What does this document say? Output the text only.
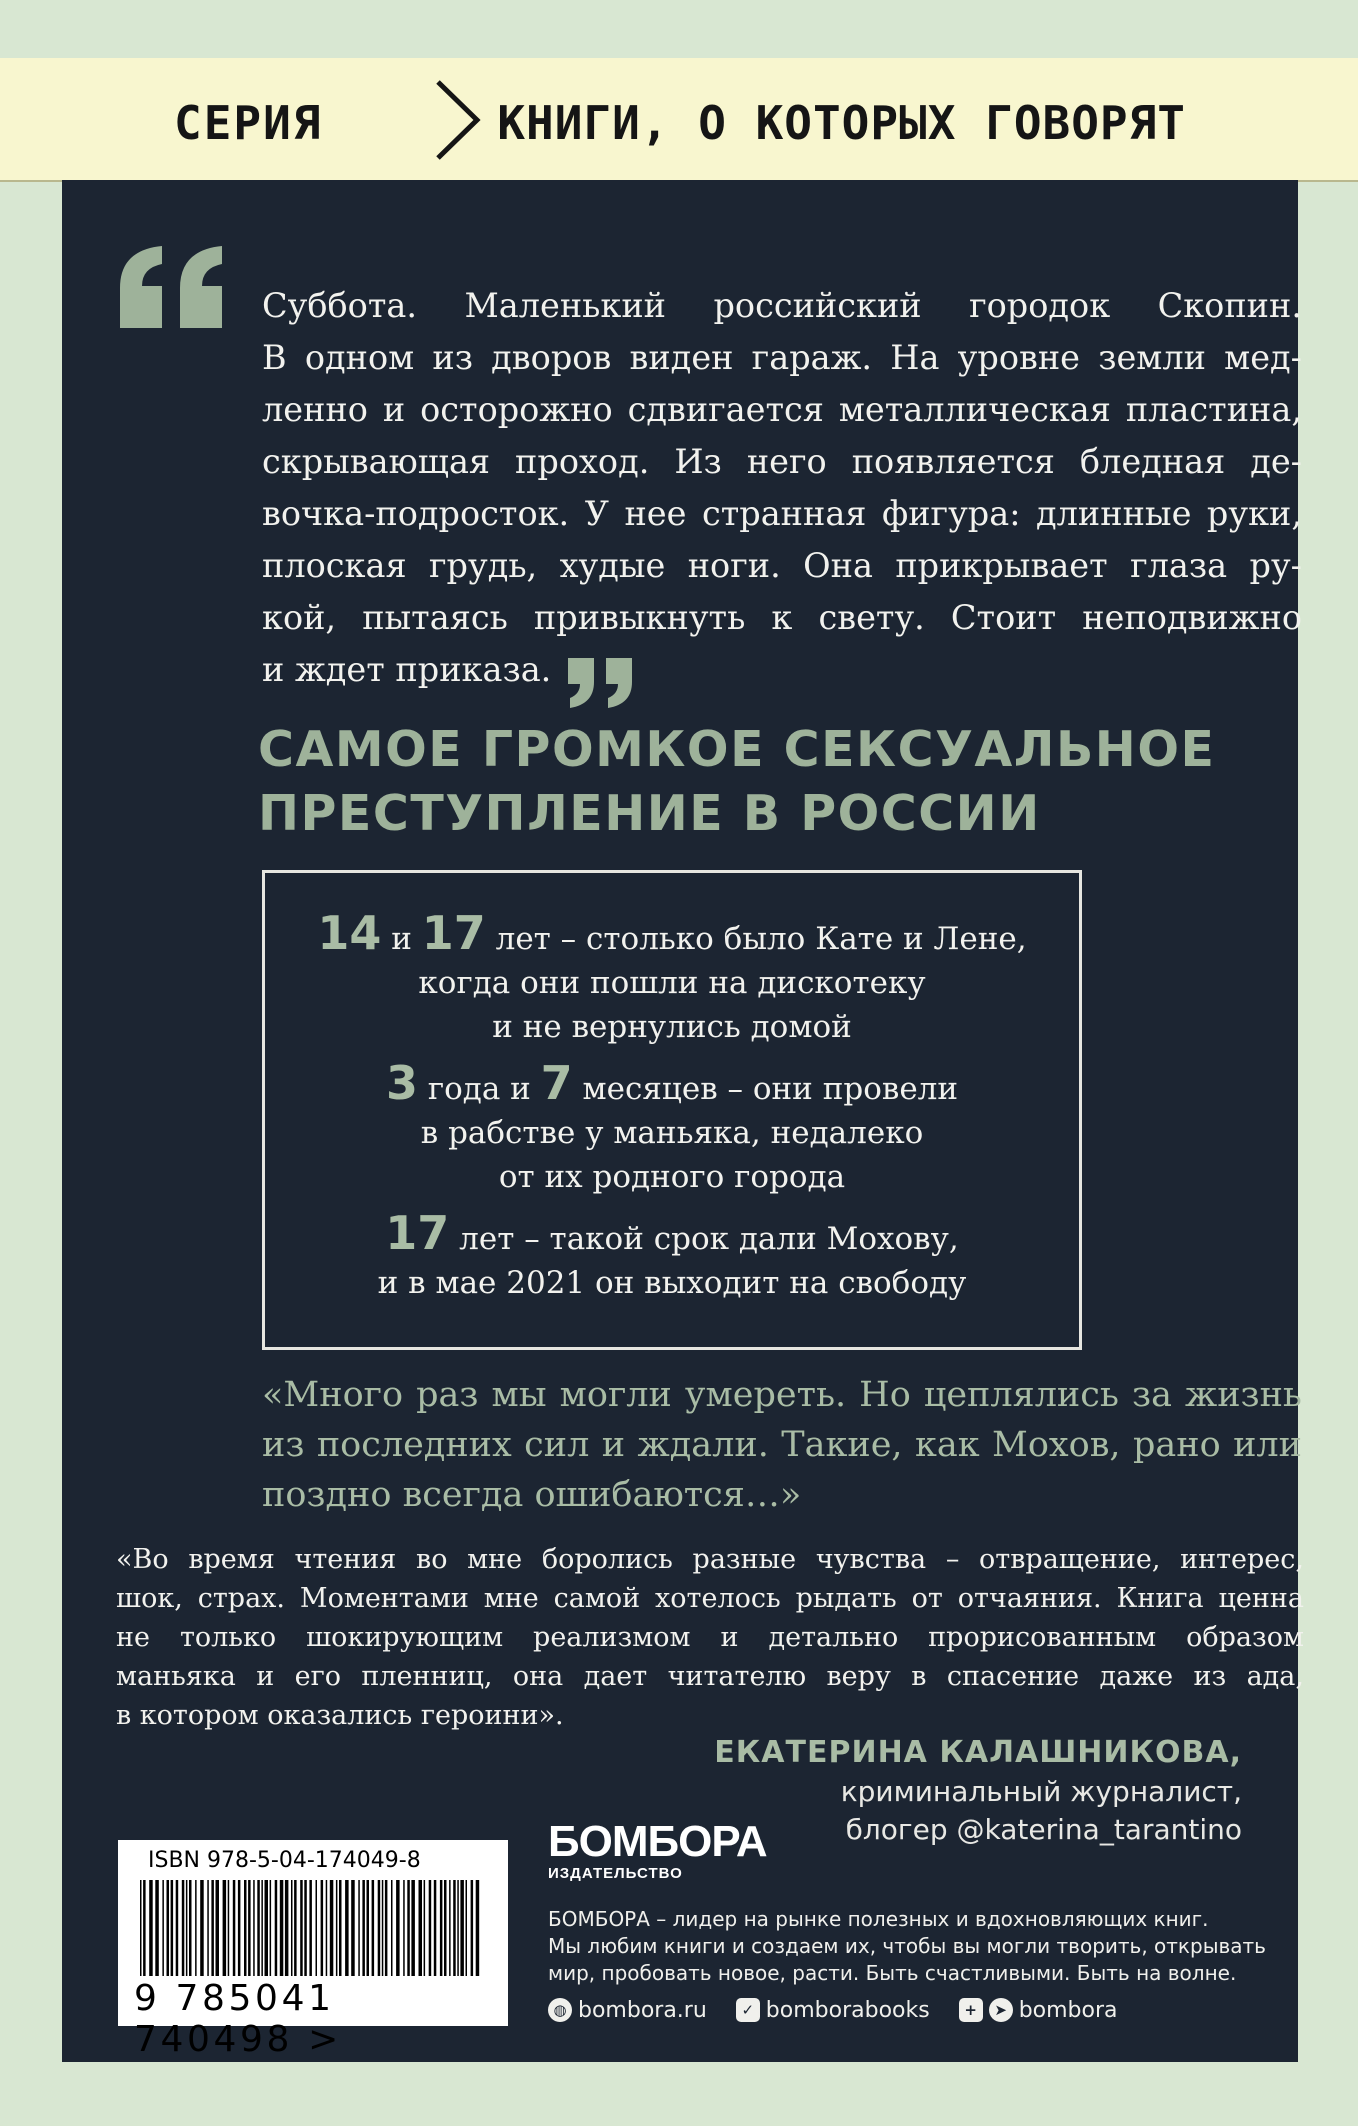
СЕРИЯ	КНИГИ, О КОТОРЫХ ГОВОРЯТ
Суббота. Маленький российский городок Скопин.
В одном из дворов виден гараж. На уровне земли мед-
ленно и осторожно сдвигается металлическая пластина,
скрывающая проход. Из него появляется бледная де-
вочка-подросток. У нее странная фигура: длинные руки,
плоская грудь, худые ноги. Она прикрывает глаза ру-
кой, пытаясь привыкнуть к свету. Стоит неподвижно
и ждет приказа.
САМОЕ ГРОМКОЕ СЕКСУАЛЬНОЕ
ПРЕСТУПЛЕНИЕ В РОССИИ
14 и 17 лет – столько было Кате и Лене,
когда они пошли на дискотеку
и не вернулись домой
3 года и 7 месяцев – они провели
в рабстве у маньяка, недалеко
от их родного города
17 лет – такой срок дали Мохову,
и в мае 2021 он выходит на свободу
«Много раз мы могли умереть. Но цеплялись за жизнь
из последних сил и ждали. Такие, как Мохов, рано или
поздно всегда ошибаются…»
«Во время чтения во мне боролись разные чувства – отвращение, интерес,
шок, страх. Моментами мне самой хотелось рыдать от отчаяния. Книга ценна
не только шокирующим реализмом и детально прорисованным образом
маньяка и его пленниц, она дает читателю веру в спасение даже из ада,
в котором оказались героини».
ЕКАТЕРИНА КАЛАШНИКОВА,
криминальный журналист,
блогер @katerina_tarantino
ISBN 978-5-04-174049-8
9 785041 740498 >
БОМБОРА
ИЗДАТЕЛЬСТВО
БОМБОРА – лидер на рынке полезных и вдохновляющих книг.
Мы любим книги и создаем их, чтобы вы могли творить, открывать
мир, пробовать новое, расти. Быть счастливыми. Быть на волне.
◍ bombora.ru
	✓ bomborabooks
	+	➤ bombora
